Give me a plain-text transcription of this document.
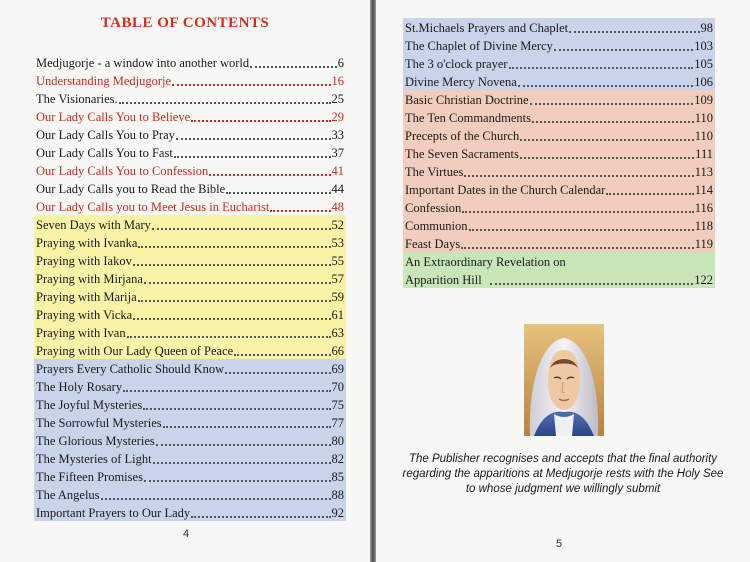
TABLE OF CONTENTS
Medjugorje - a window into another world	6
Understanding Medjugorje	16
The Visionaries.	25
Our Lady Calls You to Believe	29
Our Lady Calls You to Pray	33
Our Lady Calls You to Fast	37
Our Lady Calls You to Confession	41
Our Lady Calls you to Read the Bible	44
Our Lady Calls you to Meet Jesus in Eucharist	48
Seven Days with Mary	52
Praying with Ivanka	53
Praying with Iakov	55
Praying with Mirjana	57
Praying with Marija	59
Praying with Vicka	61
Praying with Ivan	63
Praying with Our Lady Queen of Peace	66
Prayers Every Catholic Should Know	69
The Holy Rosary	70
The Joyful Mysteries	75
The Sorrowful Mysteries	77
The Glorious Mysteries	80
The Mysteries of Light	82
The Fifteen Promises	85
The Angelus	88
Important Prayers to Our Lady	92
4
St.Michaels Prayers and Chaplet	98
The Chaplet of Divine Mercy	103
The 3 o'clock prayer	105
Divine Mercy Novena	106
Basic Christian Doctrine	109
The Ten Commandments	110
Precepts of the Church	110
The Seven Sacraments	111
The Virtues	113
Important Dates in the Church Calendar	114
Confession	116
Communion	118
Feast Days	119
An Extraordinary Revelation on
Apparition Hill	122
The Publisher recognises and accepts that the final authority regarding the apparitions at Medjugorje rests with the Holy See to whose judgment we willingly submit
5
